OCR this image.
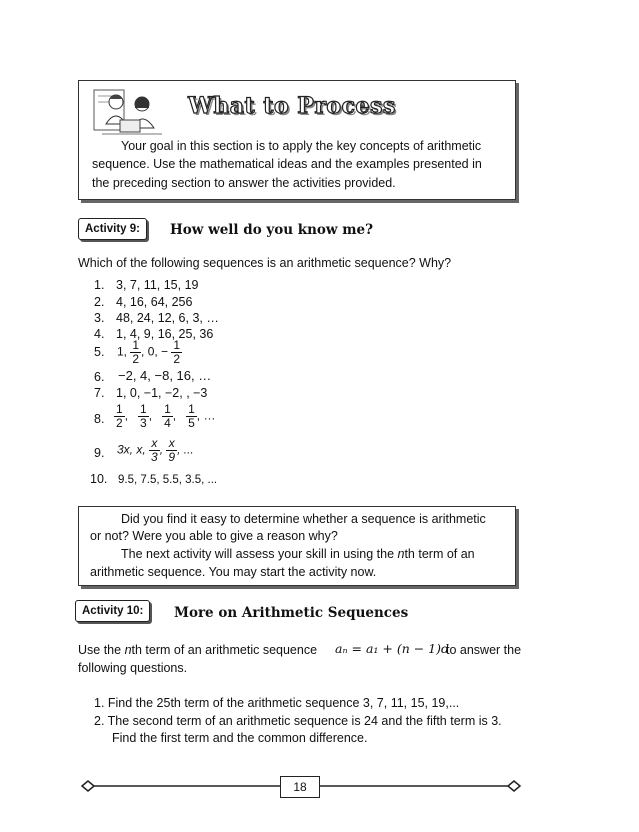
What to Process
Your goal in this section is to apply the key concepts of arithmetic
sequence. Use the mathematical ideas and the examples presented in
the preceding section to answer the activities provided.
Activity 9:	How well do you know me?
Which of the following sequences is an arithmetic sequence? Why?
1. 3, 7, 11, 15, 19
2. 4, 16, 64, 256
3. 48, 24, 12, 6, 3, …
4. 1, 4, 9, 16, 25, 36
5. 1, $\frac{1}{2}$ , 0, − $\frac{1}{2}$
6. −2, 4, −8, 16, …
7. 1, 0, −1, −2, , −3
8. $\frac{1}{2}$ , $\frac{1}{3}$ , $\frac{1}{4}$ , $\frac{1}{5}$ , …
9. 3x, x, $\frac{x}{3}$ , $\frac{x}{9}$ , ...
10. 9.5, 7.5, 5.5, 3.5, ...
Did you find it easy to determine whether a sequence is arithmetic
or not? Were you able to give a reason why?
The next activity will assess your skill in using the nth term of an
arithmetic sequence. You may start the activity now.
Activity 10:	More on Arithmetic Sequences
Use the nth term of an arithmetic sequence aₙ = a₁ + (n − 1)d
to answer the
following questions.
1. Find the 25th term of the arithmetic sequence 3, 7, 11, 15, 19,...
2. The second term of an arithmetic sequence is 24 and the fifth term is 3.
Find the first term and the common difference.
18
